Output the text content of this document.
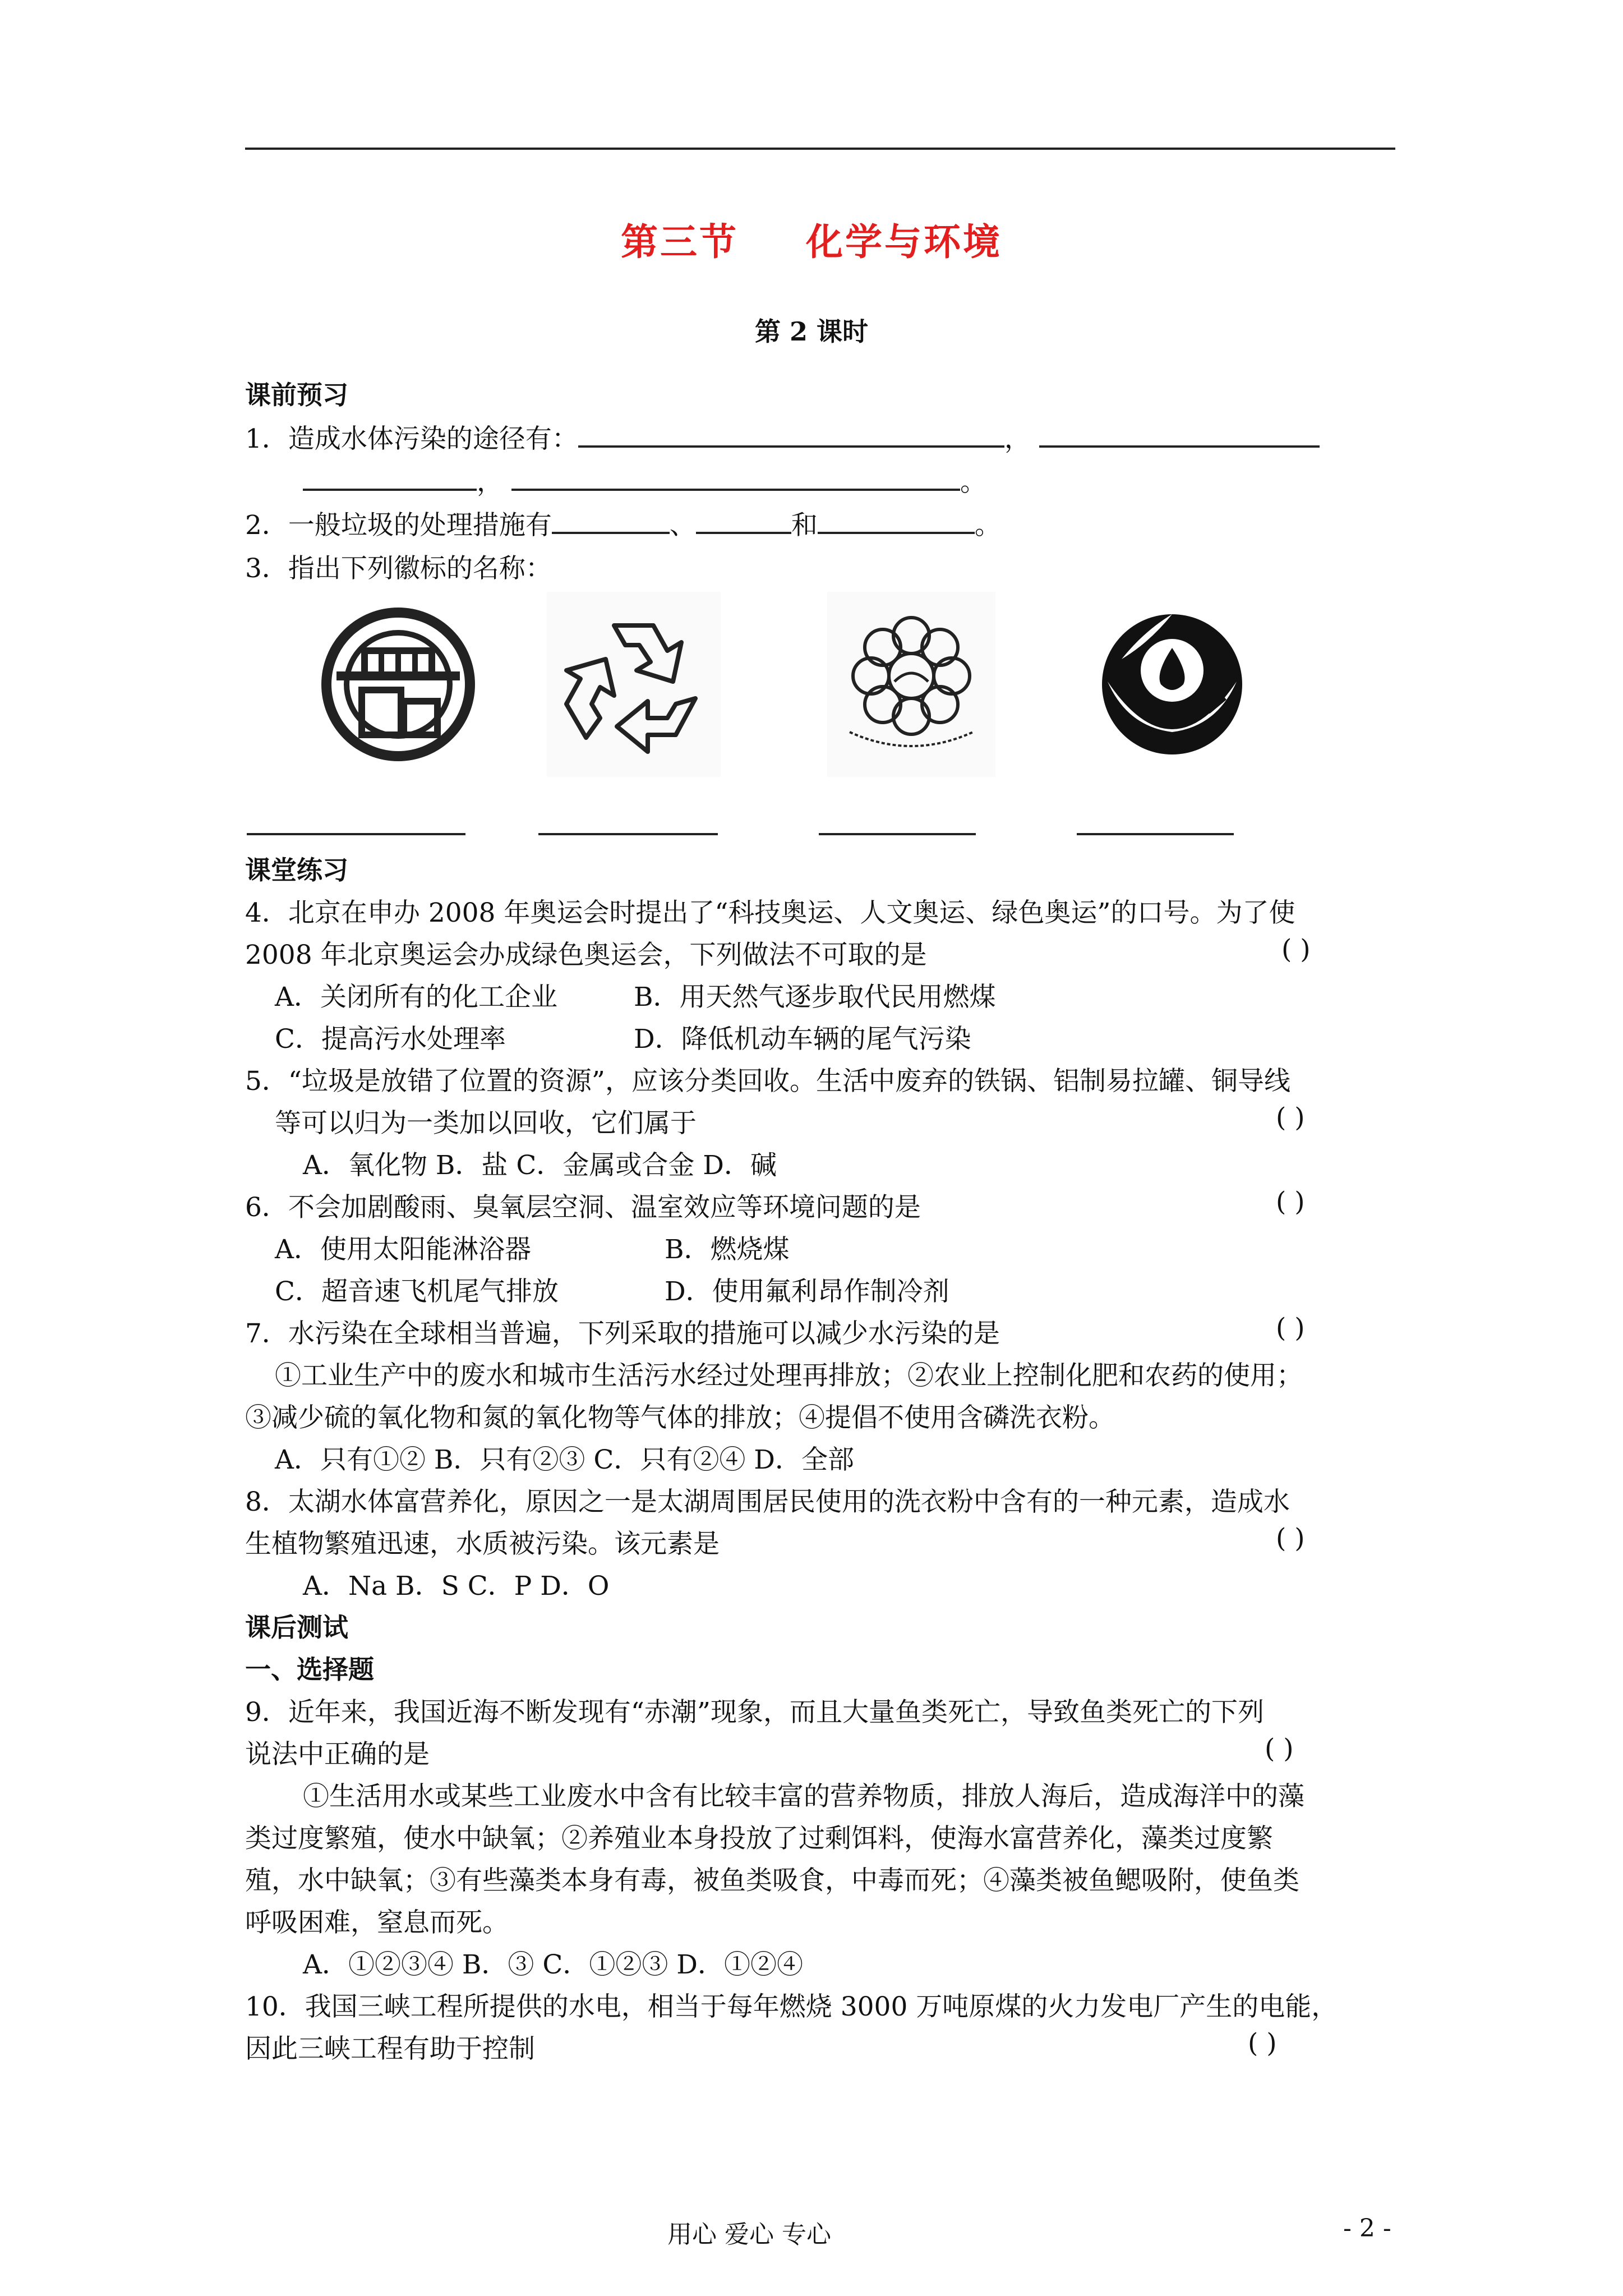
第三节 化学与环境
第 2 课时
课前预习
1．造成水体污染的途径有：	，
，	。
2．一般垃圾的处理措施有	、	和	。
3．指出下列徽标的名称：
课堂练习
4．北京在申办 2008 年奥运会时提出了“科技奥运、人文奥运、绿色奥运”的口号。为了使
2008 年北京奥运会办成绿色奥运会，下列做法不可取的是	( )
A．关闭所有的化工企业	B．用天然气逐步取代民用燃煤
C．提高污水处理率	D．降低机动车辆的尾气污染
5．“垃圾是放错了位置的资源”，应该分类回收。生活中废弃的铁锅、铝制易拉罐、铜导线
等可以归为一类加以回收，它们属于	( )
A．氧化物 B．盐 C．金属或合金 D．碱
6．不会加剧酸雨、臭氧层空洞、温室效应等环境问题的是	( )
A．使用太阳能淋浴器	B．燃烧煤
C．超音速飞机尾气排放	D．使用氟利昂作制冷剂
7．水污染在全球相当普遍，下列采取的措施可以减少水污染的是	( )
①工业生产中的废水和城市生活污水经过处理再排放；②农业上控制化肥和农药的使用；
③减少硫的氧化物和氮的氧化物等气体的排放；④提倡不使用含磷洗衣粉。
A．只有①② B．只有②③ C．只有②④ D．全部
8．太湖水体富营养化，原因之一是太湖周围居民使用的洗衣粉中含有的一种元素，造成水
生植物繁殖迅速，水质被污染。该元素是	( )
A．Na B．S C．P D．O
课后测试
一、选择题
9．近年来，我国近海不断发现有“赤潮”现象，而且大量鱼类死亡，导致鱼类死亡的下列
说法中正确的是	( )
①生活用水或某些工业废水中含有比较丰富的营养物质，排放人海后，造成海洋中的藻
类过度繁殖，使水中缺氧；②养殖业本身投放了过剩饵料，使海水富营养化，藻类过度繁
殖，水中缺氧；③有些藻类本身有毒，被鱼类吸食，中毒而死；④藻类被鱼鳃吸附，使鱼类
呼吸困难，窒息而死。
A．①②③④ B．③ C．①②③ D．①②④
10．我国三峡工程所提供的水电，相当于每年燃烧 3000 万吨原煤的火力发电厂产生的电能，
因此三峡工程有助于控制	( )
用心 爱心 专心	- 2 -
